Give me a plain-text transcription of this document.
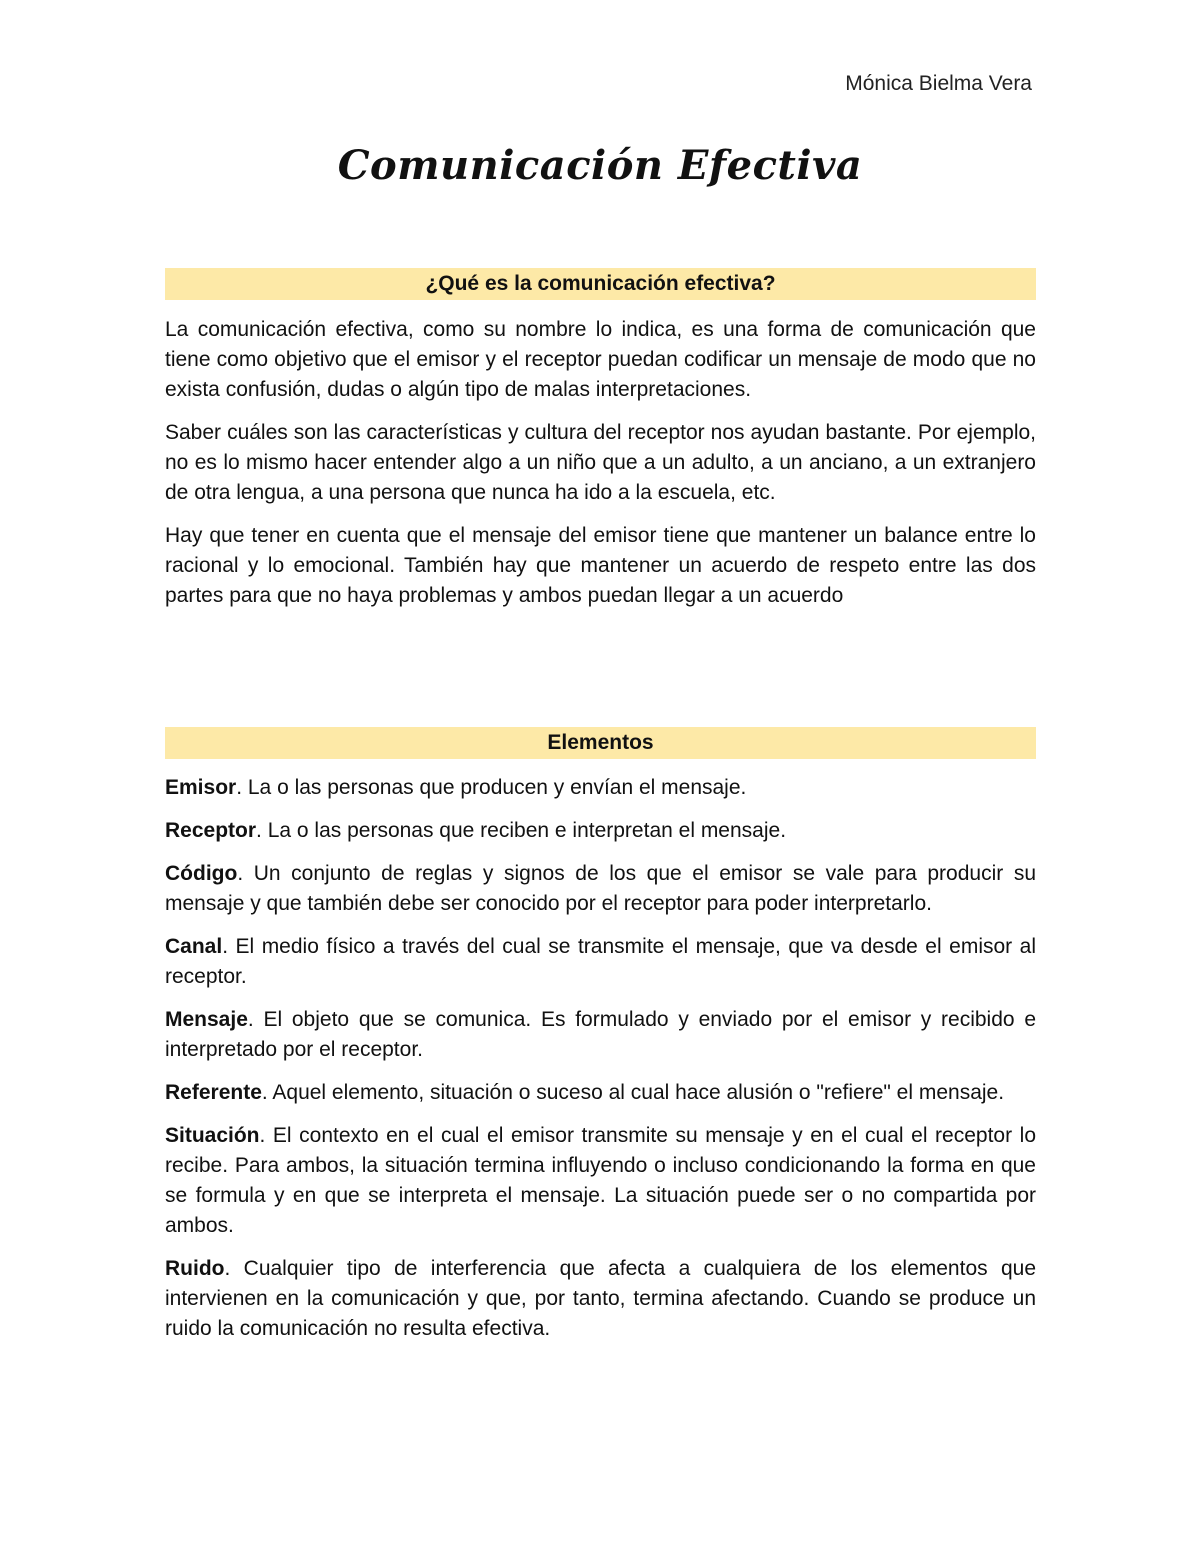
Mónica Bielma Vera
Comunicación Efectiva
¿Qué es la comunicación efectiva?

La comunicación efectiva, como su nombre lo indica, es una forma de comunicación que tiene como objetivo que el emisor y el receptor puedan codificar un mensaje de modo que no exista confusión, dudas o algún tipo de malas interpretaciones.

Saber cuáles son las características y cultura del receptor nos ayudan bastante. Por ejemplo, no es lo mismo hacer entender algo a un niño que a un adulto, a un anciano, a un extranjero de otra lengua, a una persona que nunca ha ido a la escuela, etc.

Hay que tener en cuenta que el mensaje del emisor tiene que mantener un balance entre lo racional y lo emocional. También hay que mantener un acuerdo de respeto entre las dos partes para que no haya problemas y ambos puedan llegar a un acuerdo

Elementos

Emisor. La o las personas que producen y envían el mensaje.

Receptor. La o las personas que reciben e interpretan el mensaje.

Código. Un conjunto de reglas y signos de los que el emisor se vale para producir su mensaje y que también debe ser conocido por el receptor para poder interpretarlo.

Canal. El medio físico a través del cual se transmite el mensaje, que va desde el emisor al receptor.

Mensaje. El objeto que se comunica. Es formulado y enviado por el emisor y recibido e interpretado por el receptor.

Referente. Aquel elemento, situación o suceso al cual hace alusión o "refiere" el mensaje.

Situación. El contexto en el cual el emisor transmite su mensaje y en el cual el receptor lo recibe. Para ambos, la situación termina influyendo o incluso condicionando la forma en que se formula y en que se interpreta el mensaje. La situación puede ser o no compartida por ambos.

Ruido. Cualquier tipo de interferencia que afecta a cualquiera de los elementos que intervienen en la comunicación y que, por tanto, termina afectando. Cuando se produce un ruido la comunicación no resulta efectiva.
